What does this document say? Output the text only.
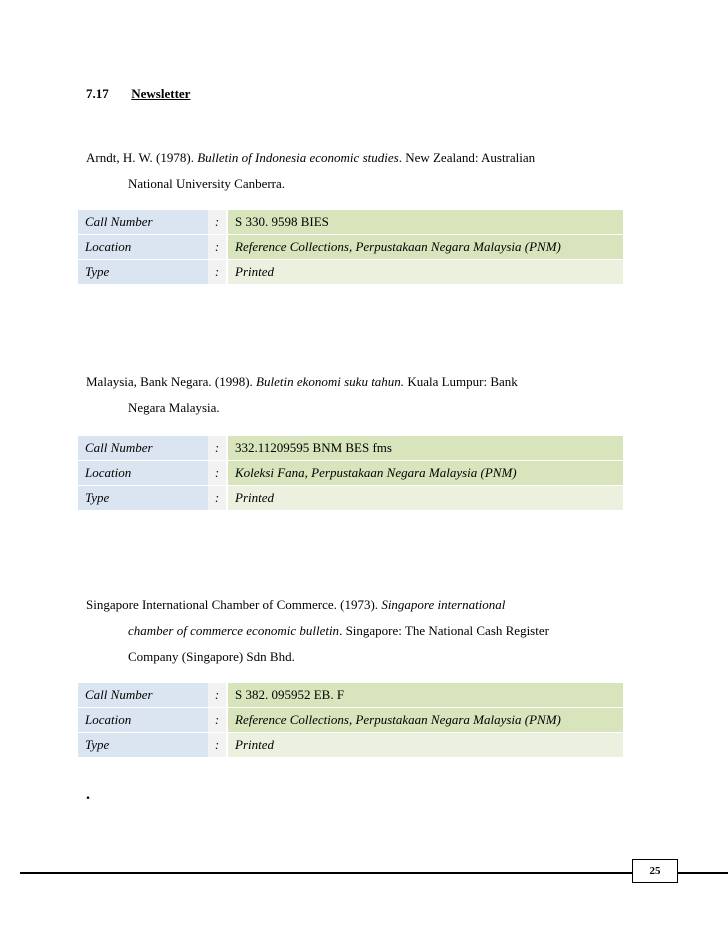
7.17 Newsletter
Arndt, H. W. (1978). Bulletin of Indonesia economic studies. New Zealand: Australian
National University Canberra.
Call Number	:	S 330. 9598 BIES
Location	:	Reference Collections, Perpustakaan Negara Malaysia (PNM)
Type	:	Printed
Malaysia, Bank Negara. (1998). Buletin ekonomi suku tahun. Kuala Lumpur: Bank
Negara Malaysia.
Call Number	:	332.11209595 BNM BES fms
Location	:	Koleksi Fana, Perpustakaan Negara Malaysia (PNM)
Type	:	Printed
Singapore International Chamber of Commerce. (1973). Singapore international
chamber of commerce economic bulletin. Singapore: The National Cash Register
Company (Singapore) Sdn Bhd.
Call Number	:	S 382. 095952 EB. F
Location	:	Reference Collections, Perpustakaan Negara Malaysia (PNM)
Type	:	Printed
.
25
